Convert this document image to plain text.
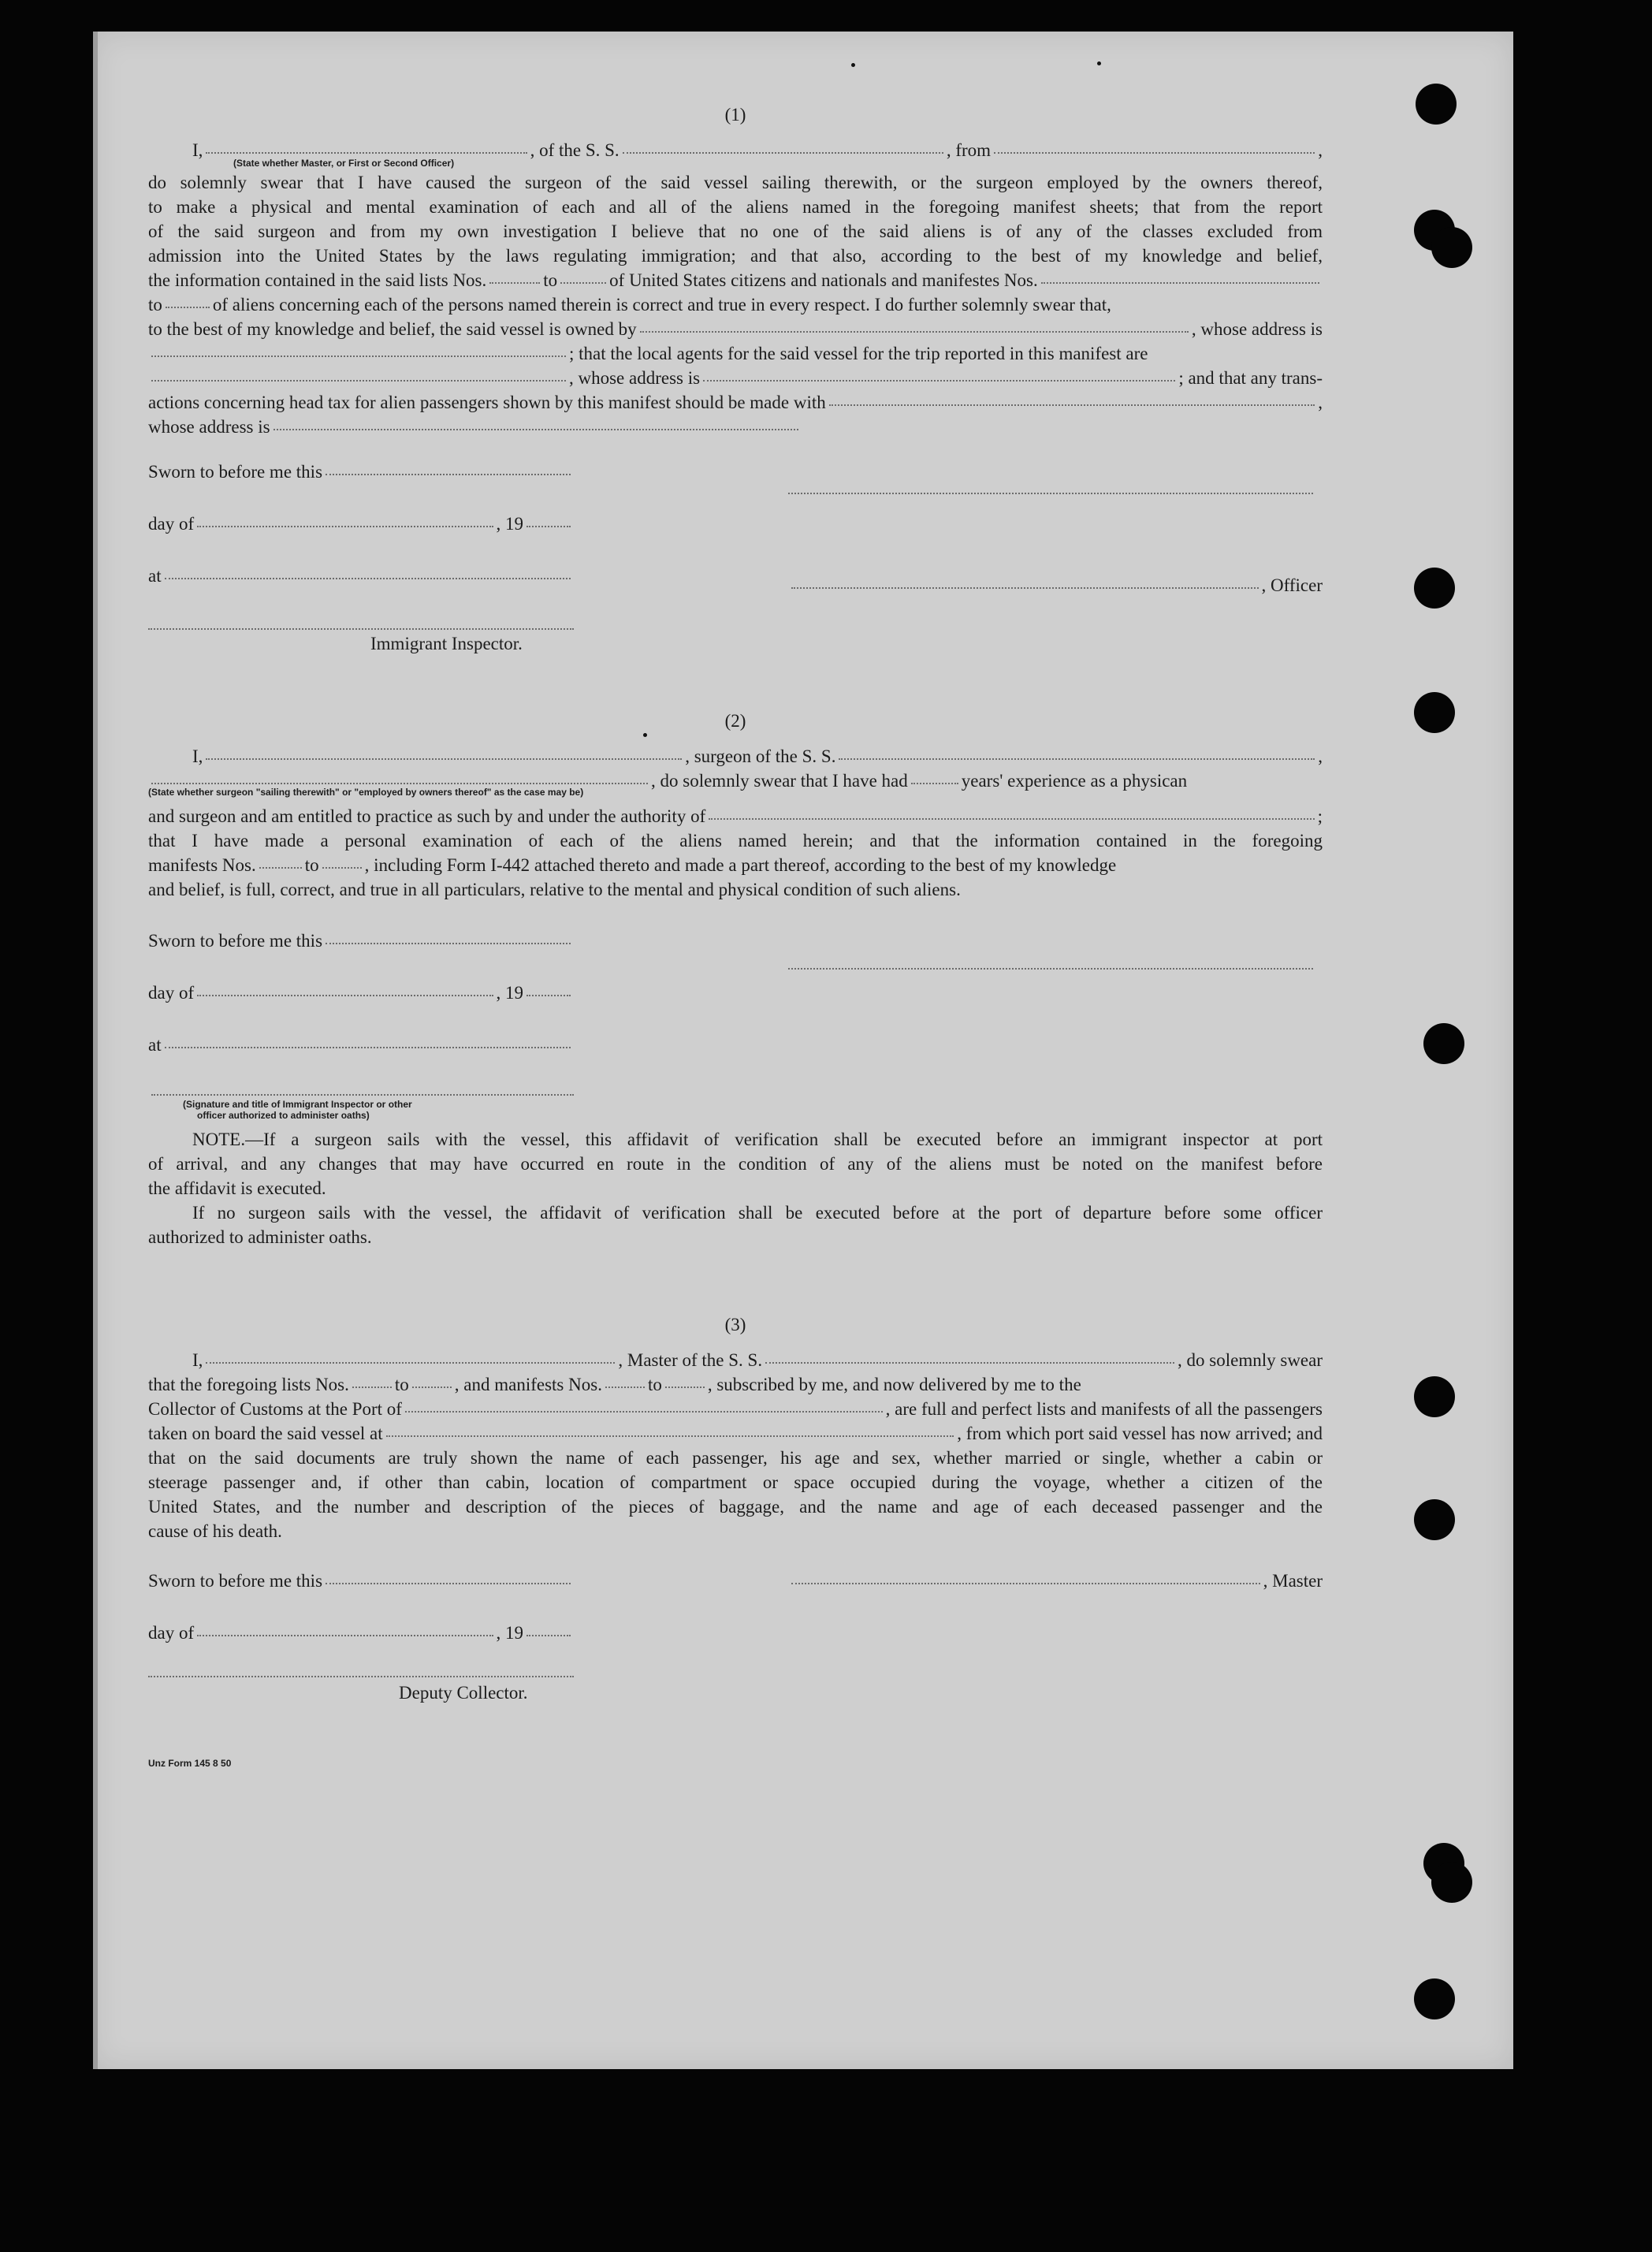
(1)

I,	, of the S. S.	, from	,
(State whether Master, or First or Second Officer)
do solemnly swear that I have caused the surgeon of the said vessel sailing therewith, or the surgeon employed by the owners thereof,
to make a physical and mental examination of each and all of the aliens named in the foregoing manifest sheets; that from the report
of the said surgeon and from my own investigation I believe that no one of the said aliens is of any of the classes excluded from
admission into the United States by the laws regulating immigration; and that also, according to the best of my knowledge and belief,
the information contained in the said lists Nos.	to	of United States citizens and nationals and manifestes Nos.
to	of aliens concerning each of the persons named therein is correct and true in every respect. I do further solemnly swear that,
to the best of my knowledge and belief, the said vessel is owned by	, whose address is
; that the local agents for the said vessel for the trip reported in this manifest are
, whose address is	; and that any trans-
actions concerning head tax for alien passengers shown by this manifest should be made with	,
whose address is
Sworn to before me this
day of	, 19
at	, Officer
Immigrant Inspector.

(2)

I,	, surgeon of the S. S.	,
, do solemnly swear that I have had	years' experience as a physican
(State whether surgeon "sailing therewith" or "employed by owners thereof" as the case may be)
and surgeon and am entitled to practice as such by and under the authority of	;
that I have made a personal examination of each of the aliens named herein; and that the information contained in the foregoing
manifests Nos.	to	, including Form I-442 attached thereto and made a part thereof, according to the best of my knowledge
and belief, is full, correct, and true in all particulars, relative to the mental and physical condition of such aliens.
Sworn to before me this
day of	, 19
at
(Signature and title of Immigrant Inspector or other
officer authorized to administer oaths)
NOTE.—If a surgeon sails with the vessel, this affidavit of verification shall be executed before an immigrant inspector at port
of arrival, and any changes that may have occurred en route in the condition of any of the aliens must be noted on the manifest before
the affidavit is executed.
If no surgeon sails with the vessel, the affidavit of verification shall be executed before at the port of departure before some officer
authorized to administer oaths.

(3)

I,	, Master of the S. S.	, do solemnly swear
that the foregoing lists Nos.	to	, and manifests Nos.	to	, subscribed by me, and now delivered by me to the
Collector of Customs at the Port of	, are full and perfect lists and manifests of all the passengers
taken on board the said vessel at	, from which port said vessel has now arrived; and
that on the said documents are truly shown the name of each passenger, his age and sex, whether married or single, whether a cabin or
steerage passenger and, if other than cabin, location of compartment or space occupied during the voyage, whether a citizen of the
United States, and the number and description of the pieces of baggage, and the name and age of each deceased passenger and the
cause of his death.
Sworn to before me this	, Master
day of	, 19
Deputy Collector.
Unz Form 145 8 50
